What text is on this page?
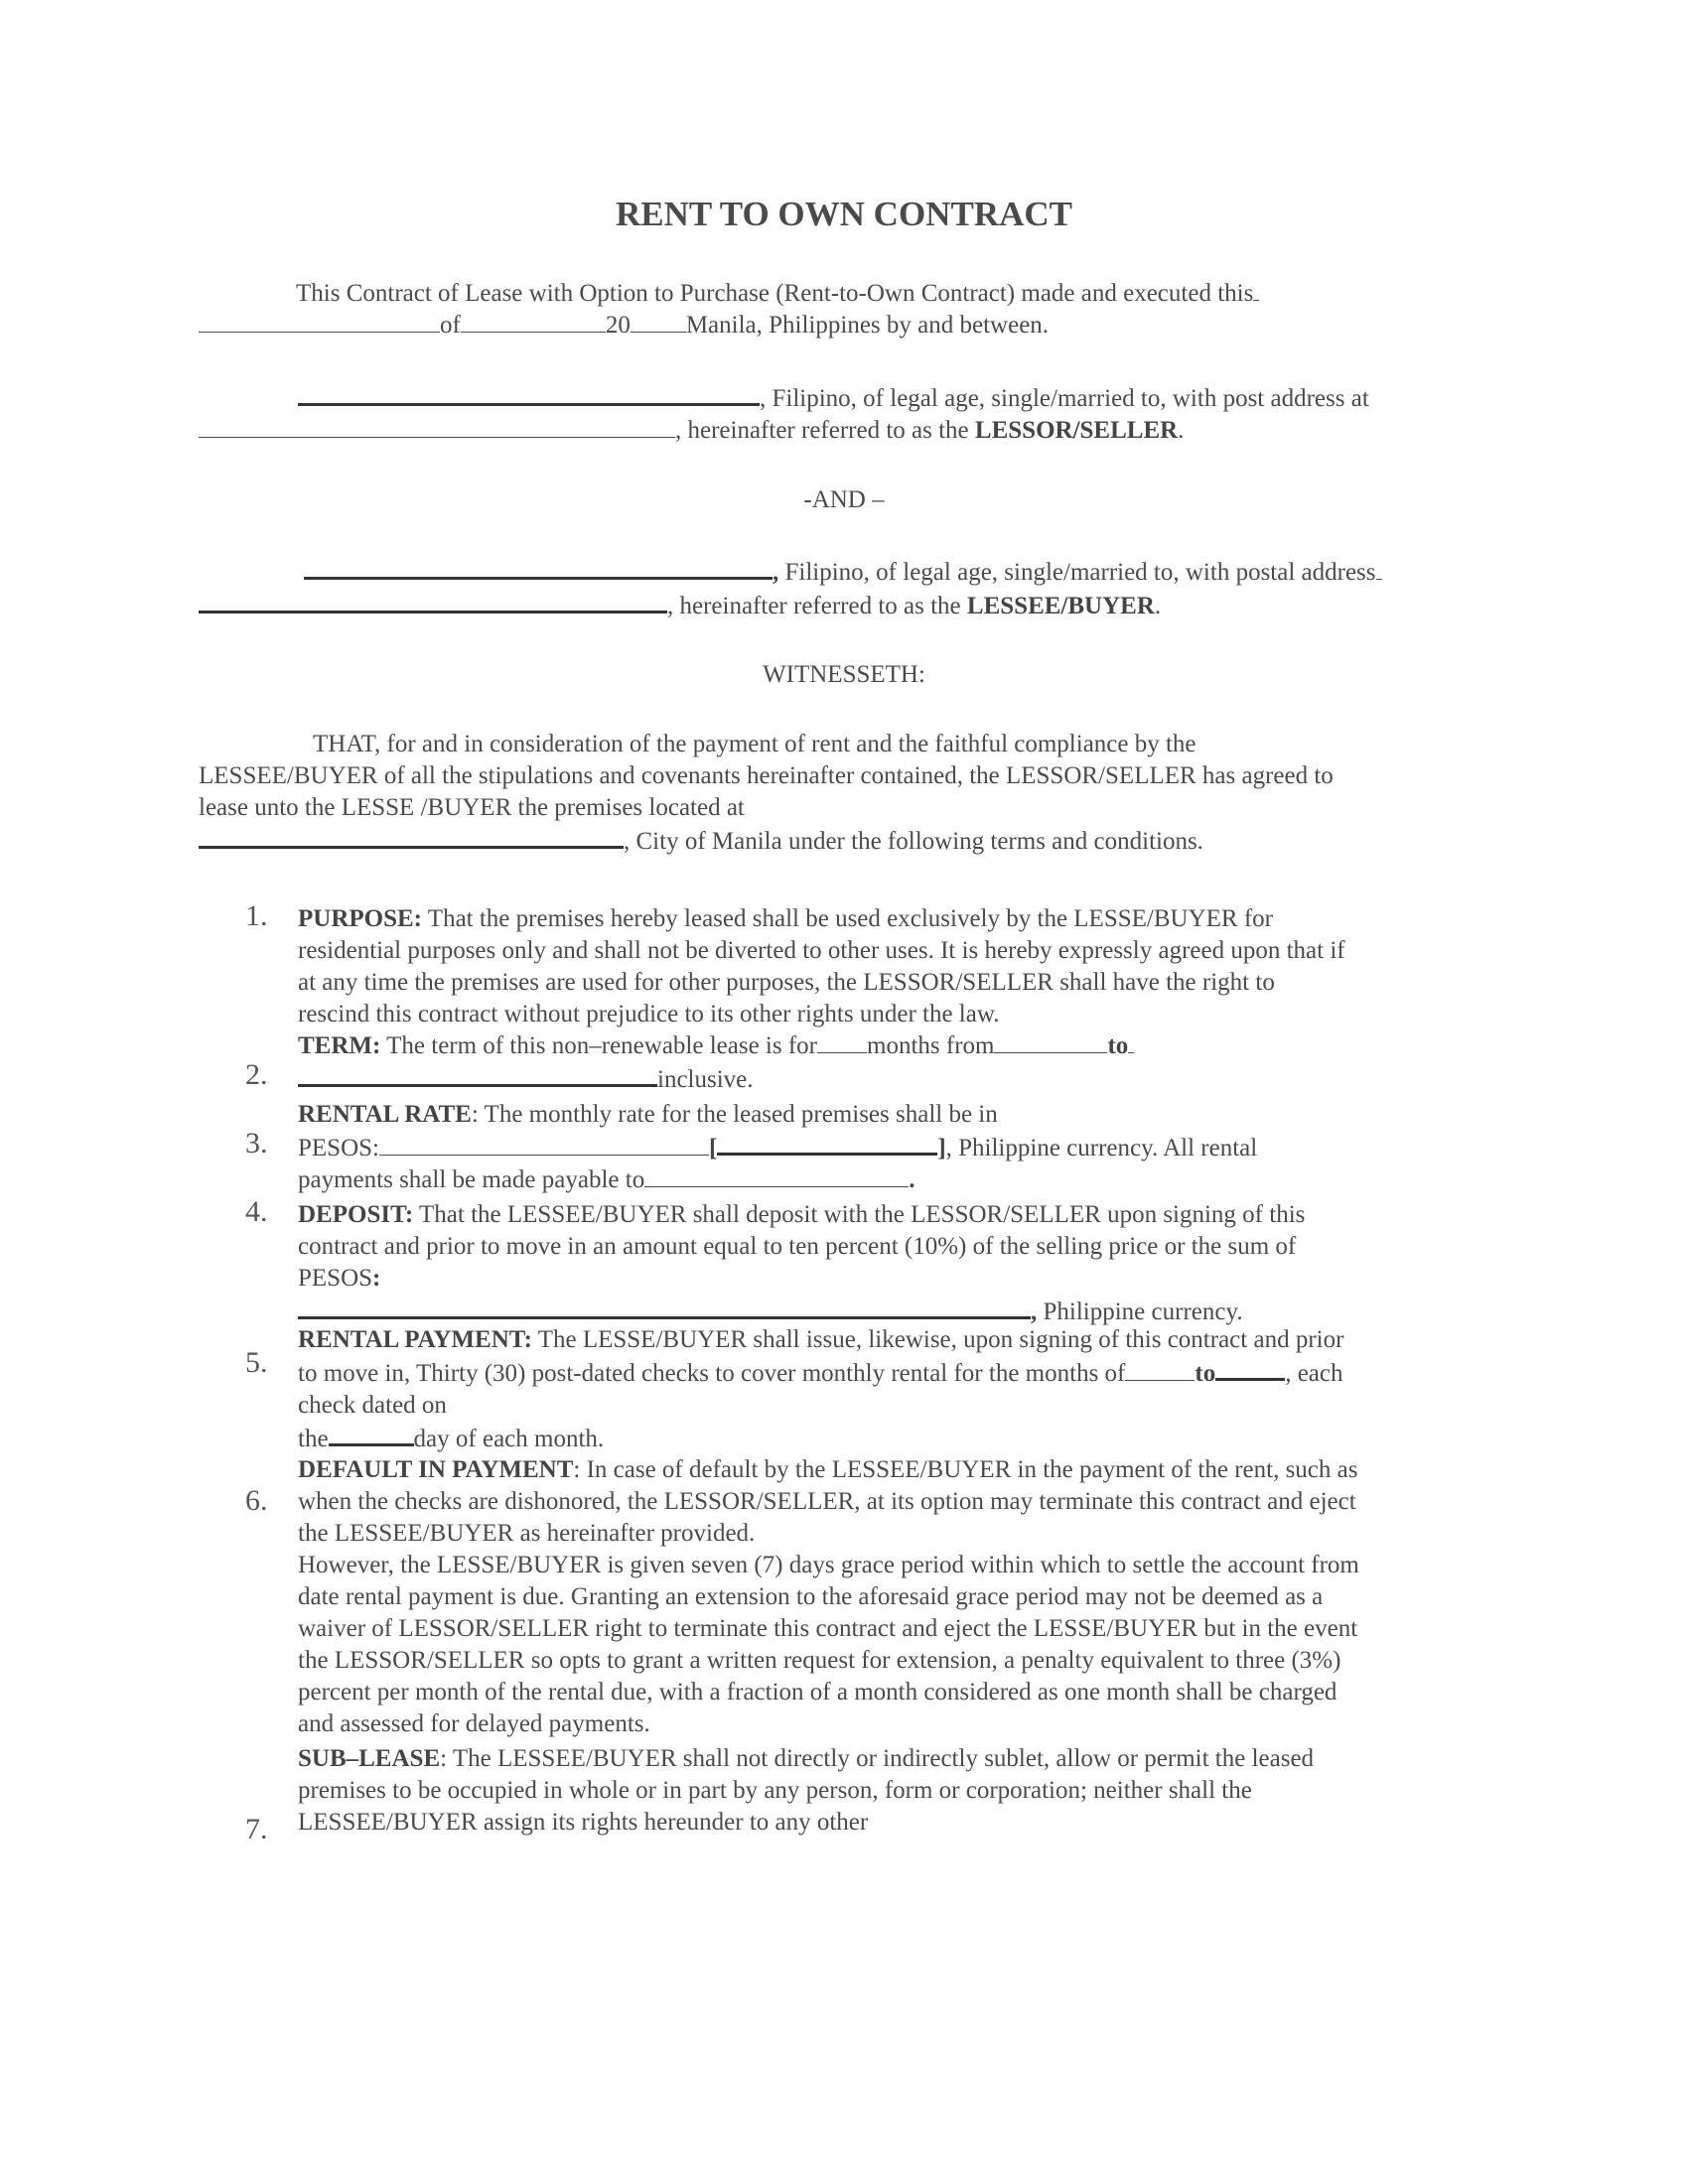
RENT TO OWN CONTRACT
This Contract of Lease with Option to Purchase (Rent-to-Own Contract) made and executed this
of	20 Manila, Philippines by and between.
, Filipino, of legal age, single/married to, with post address at
, hereinafter referred to as the LESSOR/SELLER.
-AND –
, Filipino, of legal age, single/married to, with postal address
, hereinafter referred to as the LESSEE/BUYER.
WITNESSETH:
THAT, for and in consideration of the payment of rent and the faithful compliance by the
LESSEE/BUYER of all the stipulations and covenants hereinafter contained, the LESSOR/SELLER has agreed to
lease unto the LESSE /BUYER the premises located at
, City of Manila under the following terms and conditions.
1. PURPOSE: That the premises hereby leased shall be used exclusively by the LESSE/BUYER for
residential purposes only and shall not be diverted to other uses. It is hereby expressly agreed upon that if
at any time the premises are used for other purposes, the LESSOR/SELLER shall have the right to
rescind this contract without prejudice to its other rights under the law.
2.
TERM: The term of this non–renewable lease is for months from	to
inclusive.
3.
RENTAL RATE: The monthly rate for the leased premises shall be in
PESOS:	[	], Philippine currency. All rental
payments shall be made payable to	.
4. DEPOSIT: That the LESSEE/BUYER shall deposit with the LESSOR/SELLER upon signing of this
contract and prior to move in an amount equal to ten percent (10%) of the selling price or the sum of
PESOS:
, Philippine currency.
5.
RENTAL PAYMENT: The LESSE/BUYER shall issue, likewise, upon signing of this contract and prior
to move in, Thirty (30) post-dated checks to cover monthly rental for the months of	to	, each
check dated on
the	day of each month.
6.
DEFAULT IN PAYMENT: In case of default by the LESSEE/BUYER in the payment of the rent, such as
when the checks are dishonored, the LESSOR/SELLER, at its option may terminate this contract and eject
the LESSEE/BUYER as hereinafter provided.
However, the LESSE/BUYER is given seven (7) days grace period within which to settle the account from
date rental payment is due. Granting an extension to the aforesaid grace period may not be deemed as a
waiver of LESSOR/SELLER right to terminate this contract and eject the LESSE/BUYER but in the event
the LESSOR/SELLER so opts to grant a written request for extension, a penalty equivalent to three (3%)
percent per month of the rental due, with a fraction of a month considered as one month shall be charged
and assessed for delayed payments.
7.
SUB–LEASE: The LESSEE/BUYER shall not directly or indirectly sublet, allow or permit the leased
premises to be occupied in whole or in part by any person, form or corporation; neither shall the
LESSEE/BUYER assign its rights hereunder to any other
